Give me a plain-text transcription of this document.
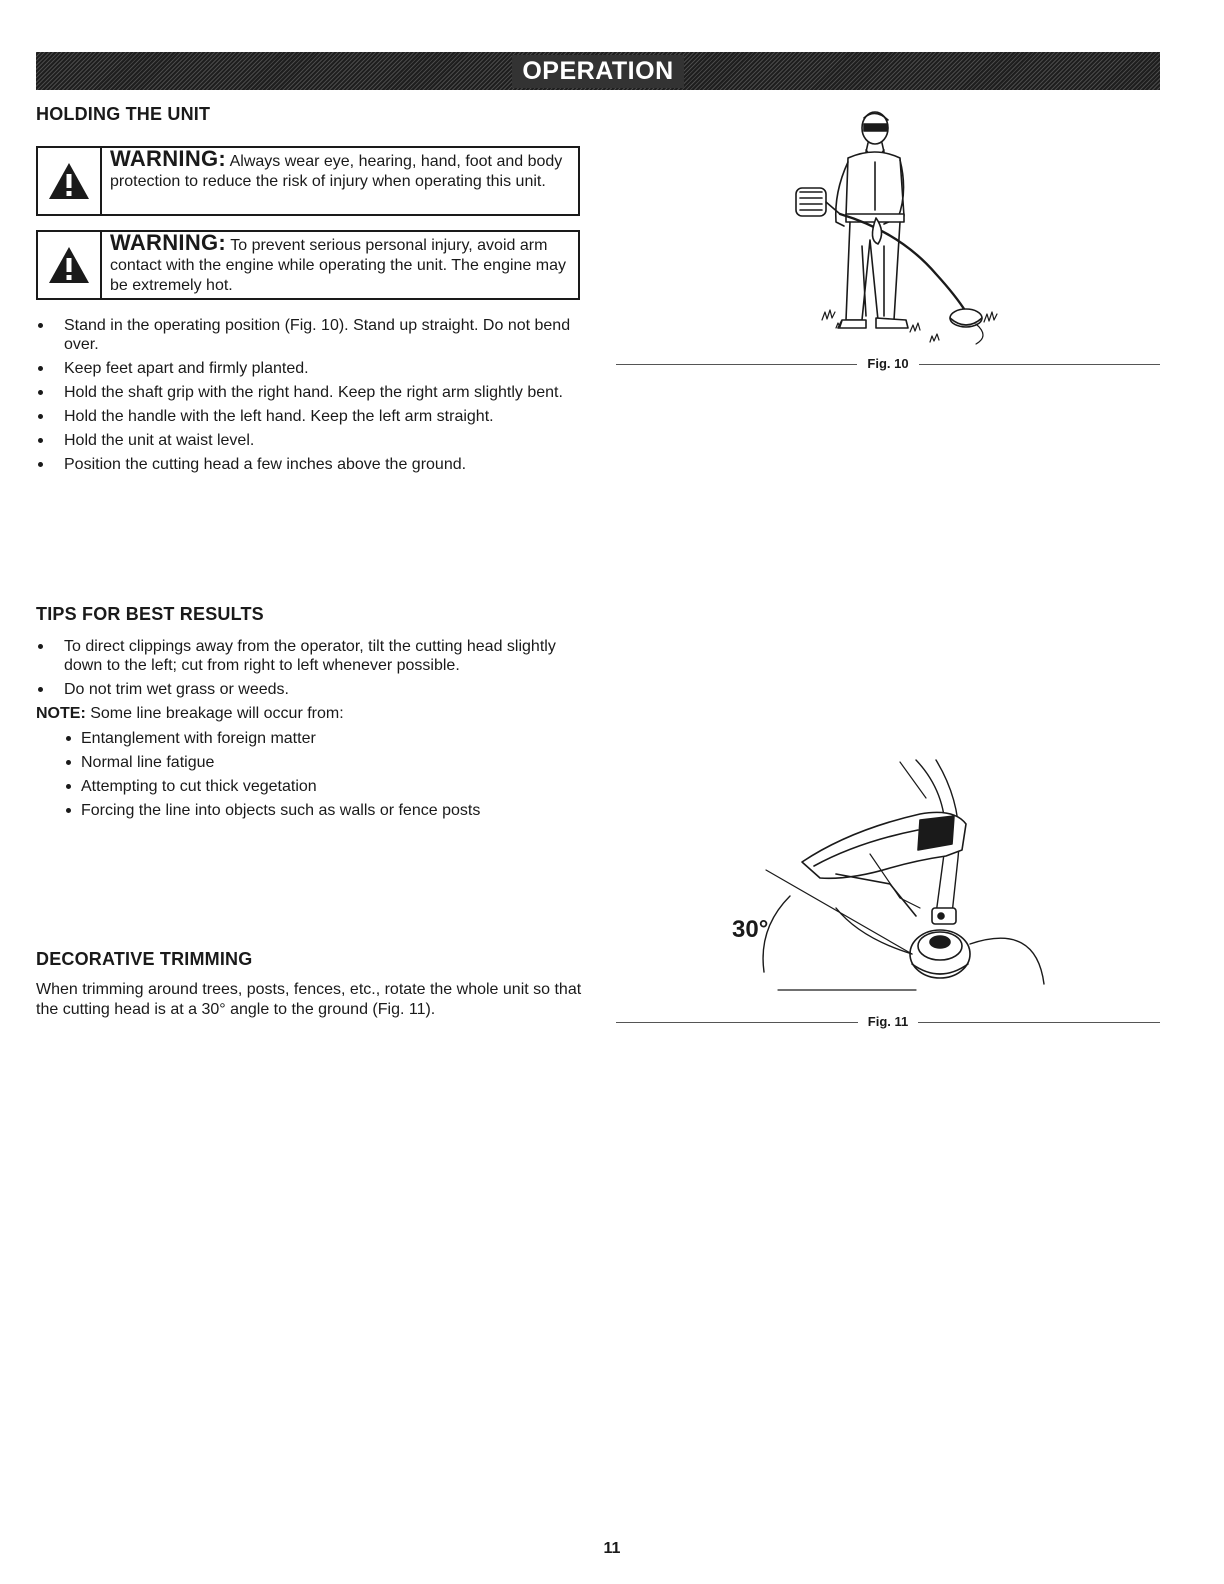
OPERATION
HOLDING THE UNIT
WARNING: Always wear eye, hearing, hand, foot and body protection to reduce the risk of injury when operating this unit.
WARNING: To prevent serious personal injury, avoid arm contact with the engine while operating the unit. The engine may be extremely hot.
Stand in the operating position (Fig. 10). Stand up straight. Do not bend over.
Keep feet apart and firmly planted.
Hold the shaft grip with the right hand. Keep the right arm slightly bent.
Hold the handle with the left hand. Keep the left arm straight.
Hold the unit at waist level.
Position the cutting head a few inches above the ground.
TIPS FOR BEST RESULTS
To direct clippings away from the operator, tilt the cutting head slightly down to the left; cut from right to left whenever possible.
Do not trim wet grass or weeds.
NOTE: Some line breakage will occur from:
Entanglement with foreign matter
Normal line fatigue
Attempting to cut thick vegetation
Forcing the line into objects such as walls or fence posts
DECORATIVE TRIMMING
When trimming around trees, posts, fences, etc., rotate the whole unit so that the cutting head is at a 30° angle to the ground (Fig. 11).
Fig. 10
30°
Fig. 11
11
